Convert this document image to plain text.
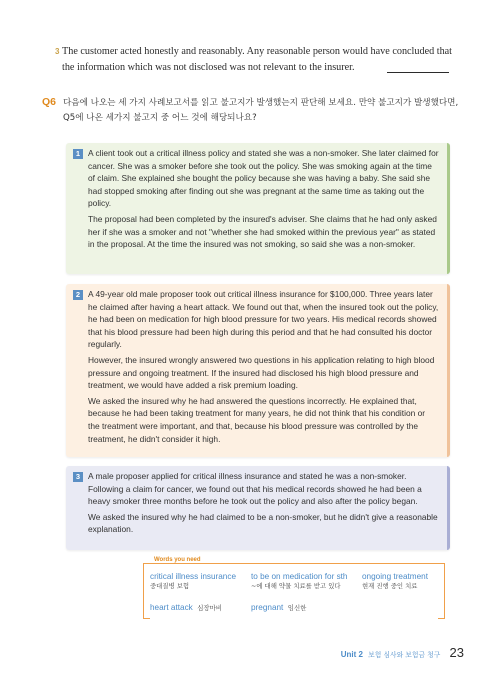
3 The customer acted honestly and reasonably. Any reasonable person would have concluded that the information which was not disclosed was not relevant to the insurer.
Q6 다음에 나오는 세 가지 사례보고서를 읽고 불고지가 발생했는지 판단해 보세요. 만약 불고지가 발생했다면, Q5에 나온 세가지 불고지 중 어느 것에 해당되나요?
1 A client took out a critical illness policy and stated she was a non-smoker. She later claimed for cancer. She was a smoker before she took out the policy. She was smoking again at the time of claim. She explained she bought the policy because she was having a baby. She said she had stopped smoking after finding out she was pregnant at the same time as taking out the policy.

The proposal had been completed by the insured's adviser. She claims that he had only asked her if she was a smoker and not "whether she had smoked within the previous year" as stated in the proposal. At the time the insured was not smoking, so said she was a non-smoker.

2 A 49-year old male proposer took out critical illness insurance for $100,000. Three years later he claimed after having a heart attack. We found out that, when the insured took out the policy, he had been on medication for high blood pressure for two years. His medical records showed that his blood pressure had been high during this period and that he had consulted his doctor regularly.

However, the insured wrongly answered two questions in his application relating to high blood pressure and ongoing treatment. If the insured had disclosed his high blood pressure and treatment, we would have added a risk premium loading.

We asked the insured why he had answered the questions incorrectly. He explained that, because he had been taking treatment for many years, he did not think that his condition or the treatment were important, and that, because his blood pressure was controlled by the treatment, he didn't consider it high.

3 A male proposer applied for critical illness insurance and stated he was a non-smoker. Following a claim for cancer, we found out that his medical records showed he had been a heavy smoker three months before he took out the policy and also after the policy began.

We asked the insured why he had claimed to be a non-smoker, but he didn't give a reasonable explanation.

Words you need
critical illness insurance
중대질병 보험
to be on medication for sth
~에 대해 약물 치료를 받고 있다
ongoing treatment
현재 진행 중인 치료
heart attack 심장마비	pregnant 임신한
Unit 2 보험 심사와 보험금 청구 23
